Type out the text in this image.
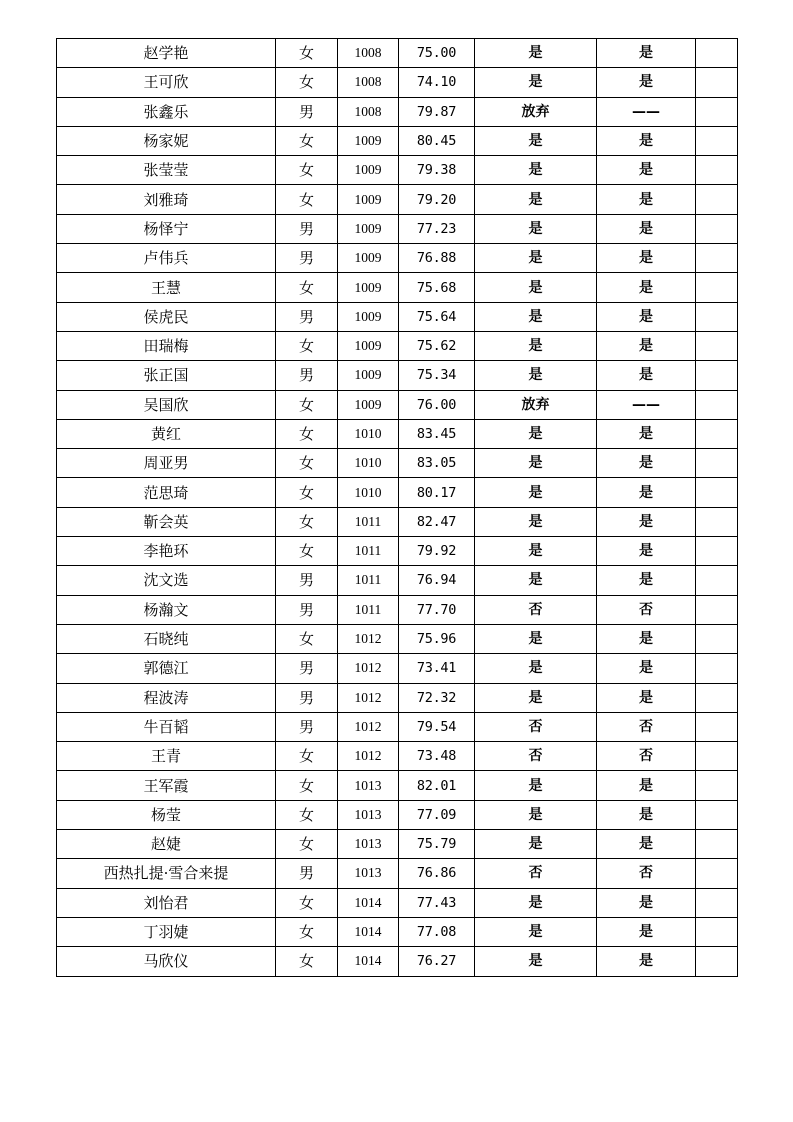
赵学艳	女	1008	75.00	是	是	
王可欣	女	1008	74.10	是	是	
张鑫乐	男	1008	79.87	放弃	——	
杨家妮	女	1009	80.45	是	是	
张莹莹	女	1009	79.38	是	是	
刘雅琦	女	1009	79.20	是	是	
杨怿宁	男	1009	77.23	是	是	
卢伟兵	男	1009	76.88	是	是	
王慧	女	1009	75.68	是	是	
侯虎民	男	1009	75.64	是	是	
田瑞梅	女	1009	75.62	是	是	
张正国	男	1009	75.34	是	是	
吴国欣	女	1009	76.00	放弃	——	
黄红	女	1010	83.45	是	是	
周亚男	女	1010	83.05	是	是	
范思琦	女	1010	80.17	是	是	
靳会英	女	1011	82.47	是	是	
李艳环	女	1011	79.92	是	是	
沈文选	男	1011	76.94	是	是	
杨瀚文	男	1011	77.70	否	否	
石晓纯	女	1012	75.96	是	是	
郭德江	男	1012	73.41	是	是	
程波涛	男	1012	72.32	是	是	
牛百韬	男	1012	79.54	否	否	
王青	女	1012	73.48	否	否	
王军霞	女	1013	82.01	是	是	
杨莹	女	1013	77.09	是	是	
赵婕	女	1013	75.79	是	是	
西热扎提·雪合来提	男	1013	76.86	否	否	
刘怡君	女	1014	77.43	是	是	
丁羽婕	女	1014	77.08	是	是	
马欣仪	女	1014	76.27	是	是	
